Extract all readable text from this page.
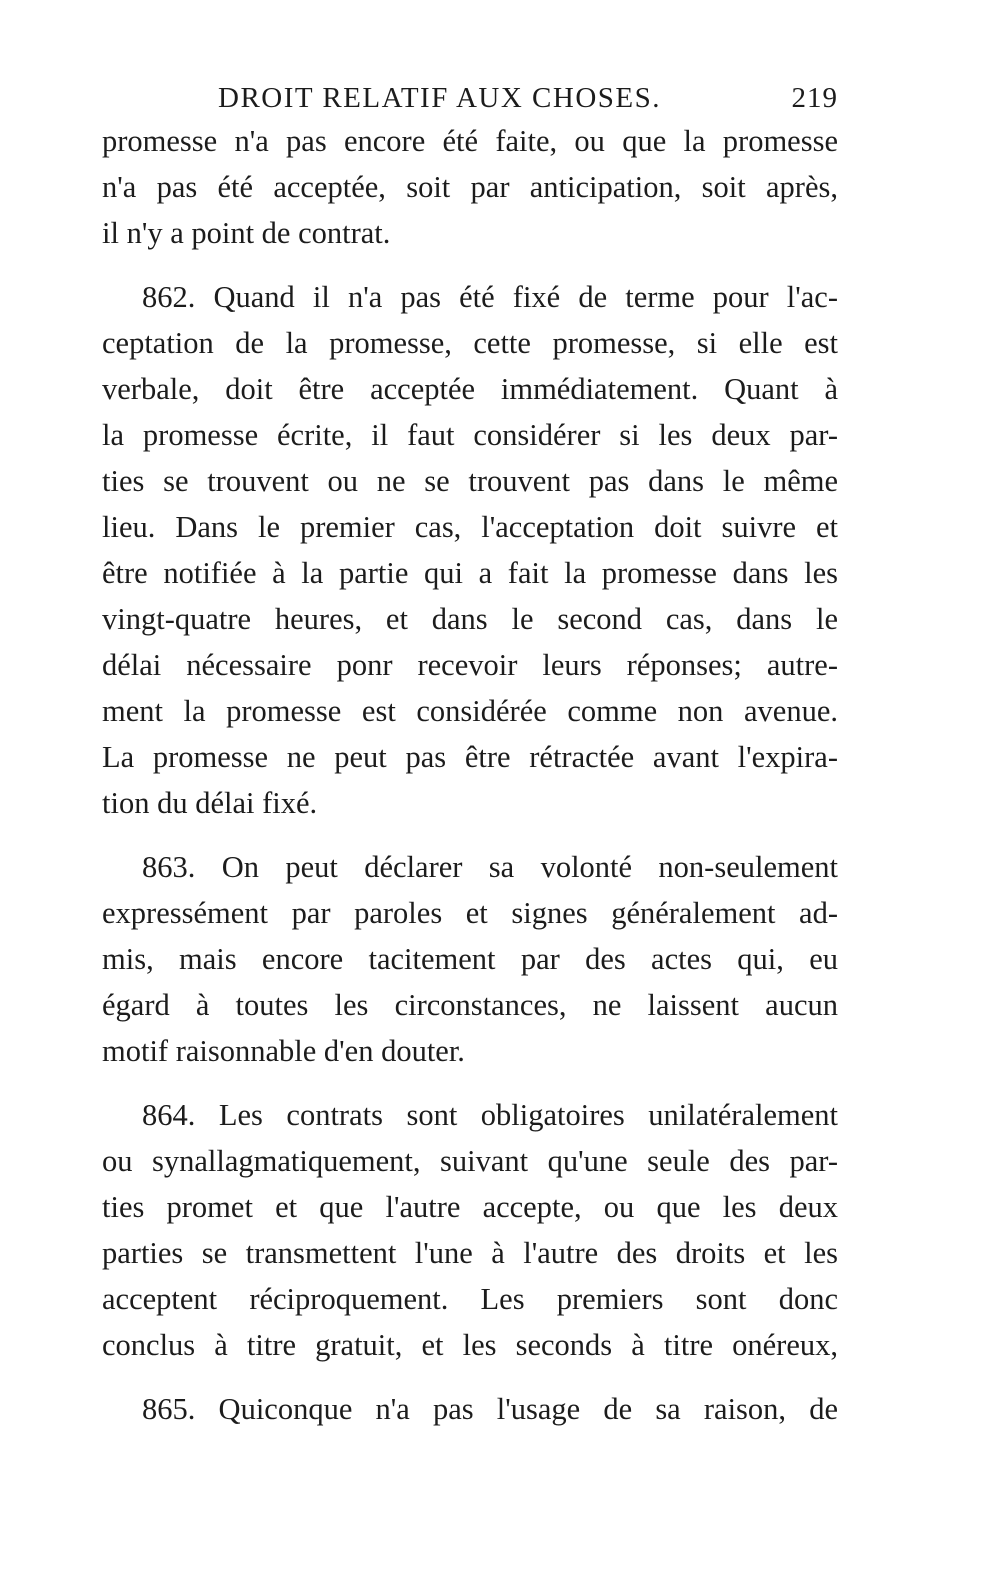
DROIT RELATIF AUX CHOSES.	219

promesse n'a pas encore été faite, ou que la promesse
n'a pas été acceptée, soit par anticipation, soit après,
il n'y a point de contrat.

862. Quand il n'a pas été fixé de terme pour l'ac-
ceptation de la promesse, cette promesse, si elle est
verbale, doit être acceptée immédiatement. Quant à
la promesse écrite, il faut considérer si les deux par-
ties se trouvent ou ne se trouvent pas dans le même
lieu. Dans le premier cas, l'acceptation doit suivre et
être notifiée à la partie qui a fait la promesse dans les
vingt-quatre heures, et dans le second cas, dans le
délai nécessaire ponr recevoir leurs réponses; autre-
ment la promesse est considérée comme non avenue.
La promesse ne peut pas être rétractée avant l'expira-
tion du délai fixé.

863. On peut déclarer sa volonté non-seulement
expressément par paroles et signes généralement ad-
mis, mais encore tacitement par des actes qui, eu
égard à toutes les circonstances, ne laissent aucun
motif raisonnable d'en douter.

864. Les contrats sont obligatoires unilatéralement
ou synallagmatiquement, suivant qu'une seule des par-
ties promet et que l'autre accepte, ou que les deux
parties se transmettent l'une à l'autre des droits et les
acceptent réciproquement. Les premiers sont donc
conclus à titre gratuit, et les seconds à titre onéreux,

865. Quiconque n'a pas l'usage de sa raison, de
